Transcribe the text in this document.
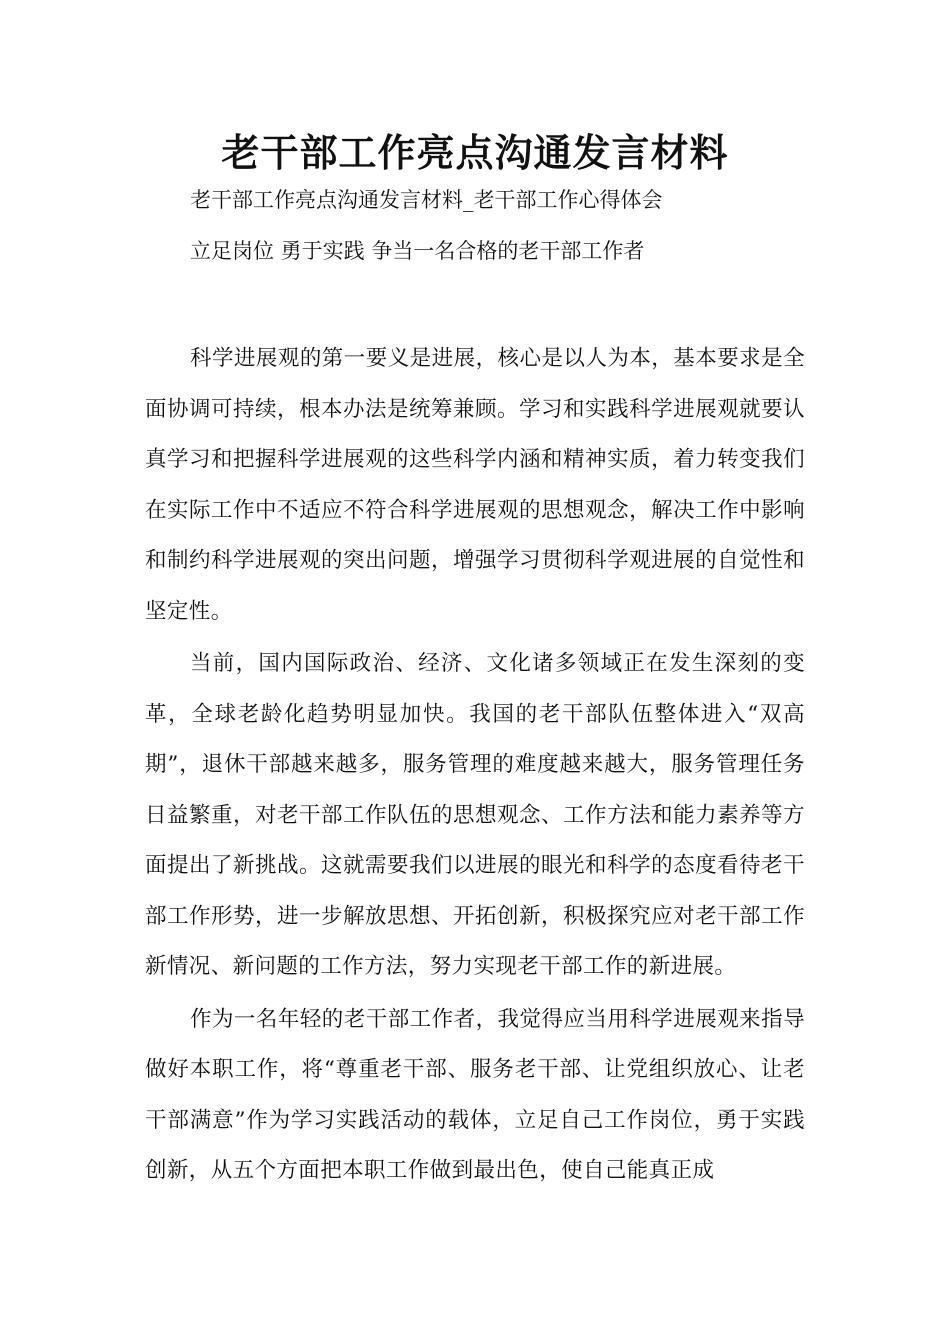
老干部工作亮点沟通发言材料
老干部工作亮点沟通发言材料_老干部工作心得体会
立足岗位 勇于实践 争当一名合格的老干部工作者

科学进展观的第一要义是进展，核心是以人为本，基本要求是全面协调可持续，根本办法是统筹兼顾。学习和实践科学进展观就要认真学习和把握科学进展观的这些科学内涵和精神实质，着力转变我们在实际工作中不适应不符合科学进展观的思想观念，解决工作中影响和制约科学进展观的突出问题，增强学习贯彻科学观进展的自觉性和坚定性。

当前，国内国际政治、经济、文化诸多领域正在发生深刻的变革，全球老龄化趋势明显加快。我国的老干部队伍整体进入“双高期”，退休干部越来越多，服务管理的难度越来越大，服务管理任务日益繁重，对老干部工作队伍的思想观念、工作方法和能力素养等方面提出了新挑战。这就需要我们以进展的眼光和科学的态度看待老干部工作形势，进一步解放思想、开拓创新，积极探究应对老干部工作新情况、新问题的工作方法，努力实现老干部工作的新进展。

作为一名年轻的老干部工作者，我觉得应当用科学进展观来指导做好本职工作，将“尊重老干部、服务老干部、让党组织放心、让老干部满意”作为学习实践活动的载体，立足自己工作岗位，勇于实践创新，从五个方面把本职工作做到最出色，使自己能真正成
